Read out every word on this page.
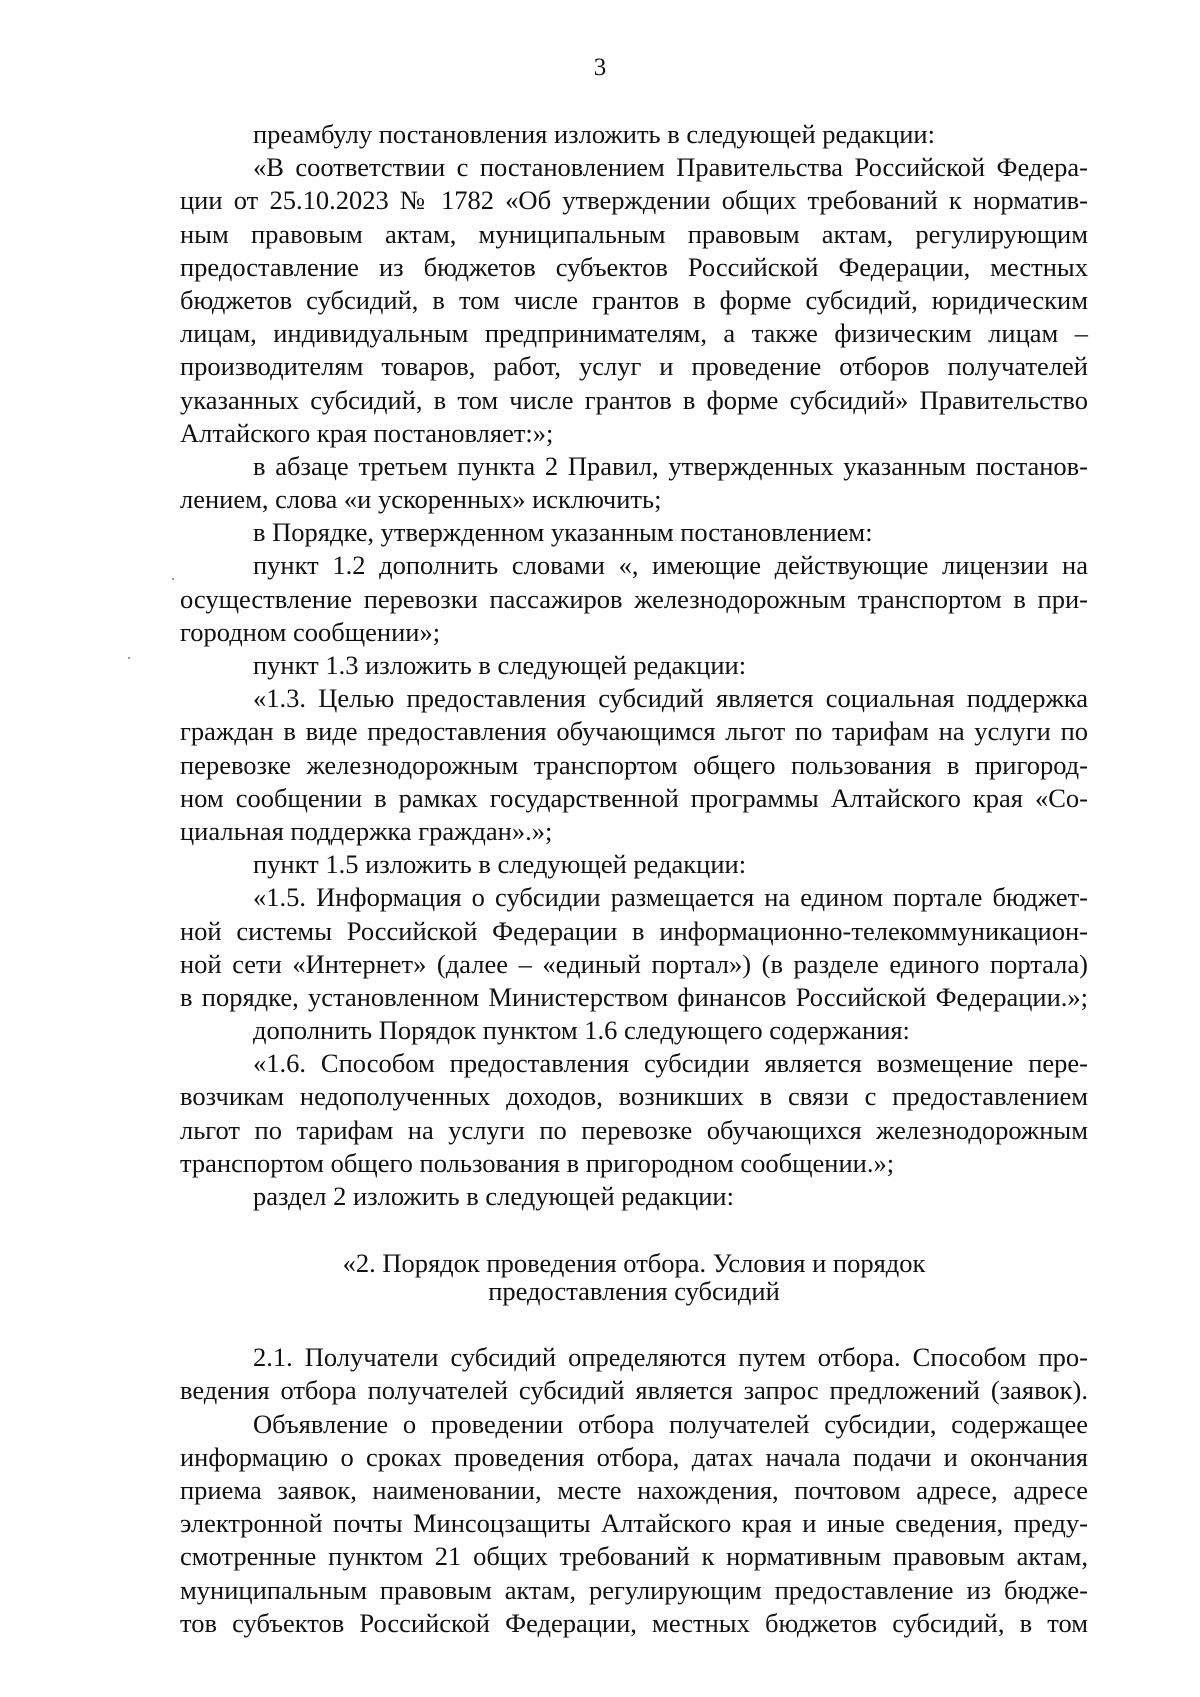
3
преамбулу постановления изложить в следующей редакции:
«В соответствии с постановлением Правительства Российской Федера-
ции от 25.10.2023 № 1782 «Об утверждении общих требований к норматив-
ным правовым актам, муниципальным правовым актам, регулирующим
предоставление из бюджетов субъектов Российской Федерации, местных
бюджетов субсидий, в том числе грантов в форме субсидий, юридическим
лицам, индивидуальным предпринимателям, а также физическим лицам –
производителям товаров, работ, услуг и проведение отборов получателей
указанных субсидий, в том числе грантов в форме субсидий» Правительство
Алтайского края постановляет:»;
в абзаце третьем пункта 2 Правил, утвержденных указанным постанов-
лением, слова «и ускоренных» исключить;
в Порядке, утвержденном указанным постановлением:
пункт 1.2 дополнить словами «, имеющие действующие лицензии на
осуществление перевозки пассажиров железнодорожным транспортом в при-
городном сообщении»;
пункт 1.3 изложить в следующей редакции:
«1.3. Целью предоставления субсидий является социальная поддержка
граждан в виде предоставления обучающимся льгот по тарифам на услуги по
перевозке железнодорожным транспортом общего пользования в пригород-
ном сообщении в рамках государственной программы Алтайского края «Со-
циальная поддержка граждан».»;
пункт 1.5 изложить в следующей редакции:
«1.5. Информация о субсидии размещается на едином портале бюджет-
ной системы Российской Федерации в информационно-телекоммуникацион-
ной сети «Интернет» (далее – «единый портал») (в разделе единого портала)
в порядке, установленном Министерством финансов Российской Федерации.»;
дополнить Порядок пунктом 1.6 следующего содержания:
«1.6. Способом предоставления субсидии является возмещение пере-
возчикам недополученных доходов, возникших в связи с предоставлением
льгот по тарифам на услуги по перевозке обучающихся железнодорожным
транспортом общего пользования в пригородном сообщении.»;
раздел 2 изложить в следующей редакции:
«2. Порядок проведения отбора. Условия и порядок
предоставления субсидий
2.1. Получатели субсидий определяются путем отбора. Способом про-
ведения отбора получателей субсидий является запрос предложений (заявок).
Объявление о проведении отбора получателей субсидии, содержащее
информацию о сроках проведения отбора, датах начала подачи и окончания
приема заявок, наименовании, месте нахождения, почтовом адресе, адресе
электронной почты Минсоцзащиты Алтайского края и иные сведения, преду-
смотренные пунктом 21 общих требований к нормативным правовым актам,
муниципальным правовым актам, регулирующим предоставление из бюдже-
тов субъектов Российской Федерации, местных бюджетов субсидий, в том
